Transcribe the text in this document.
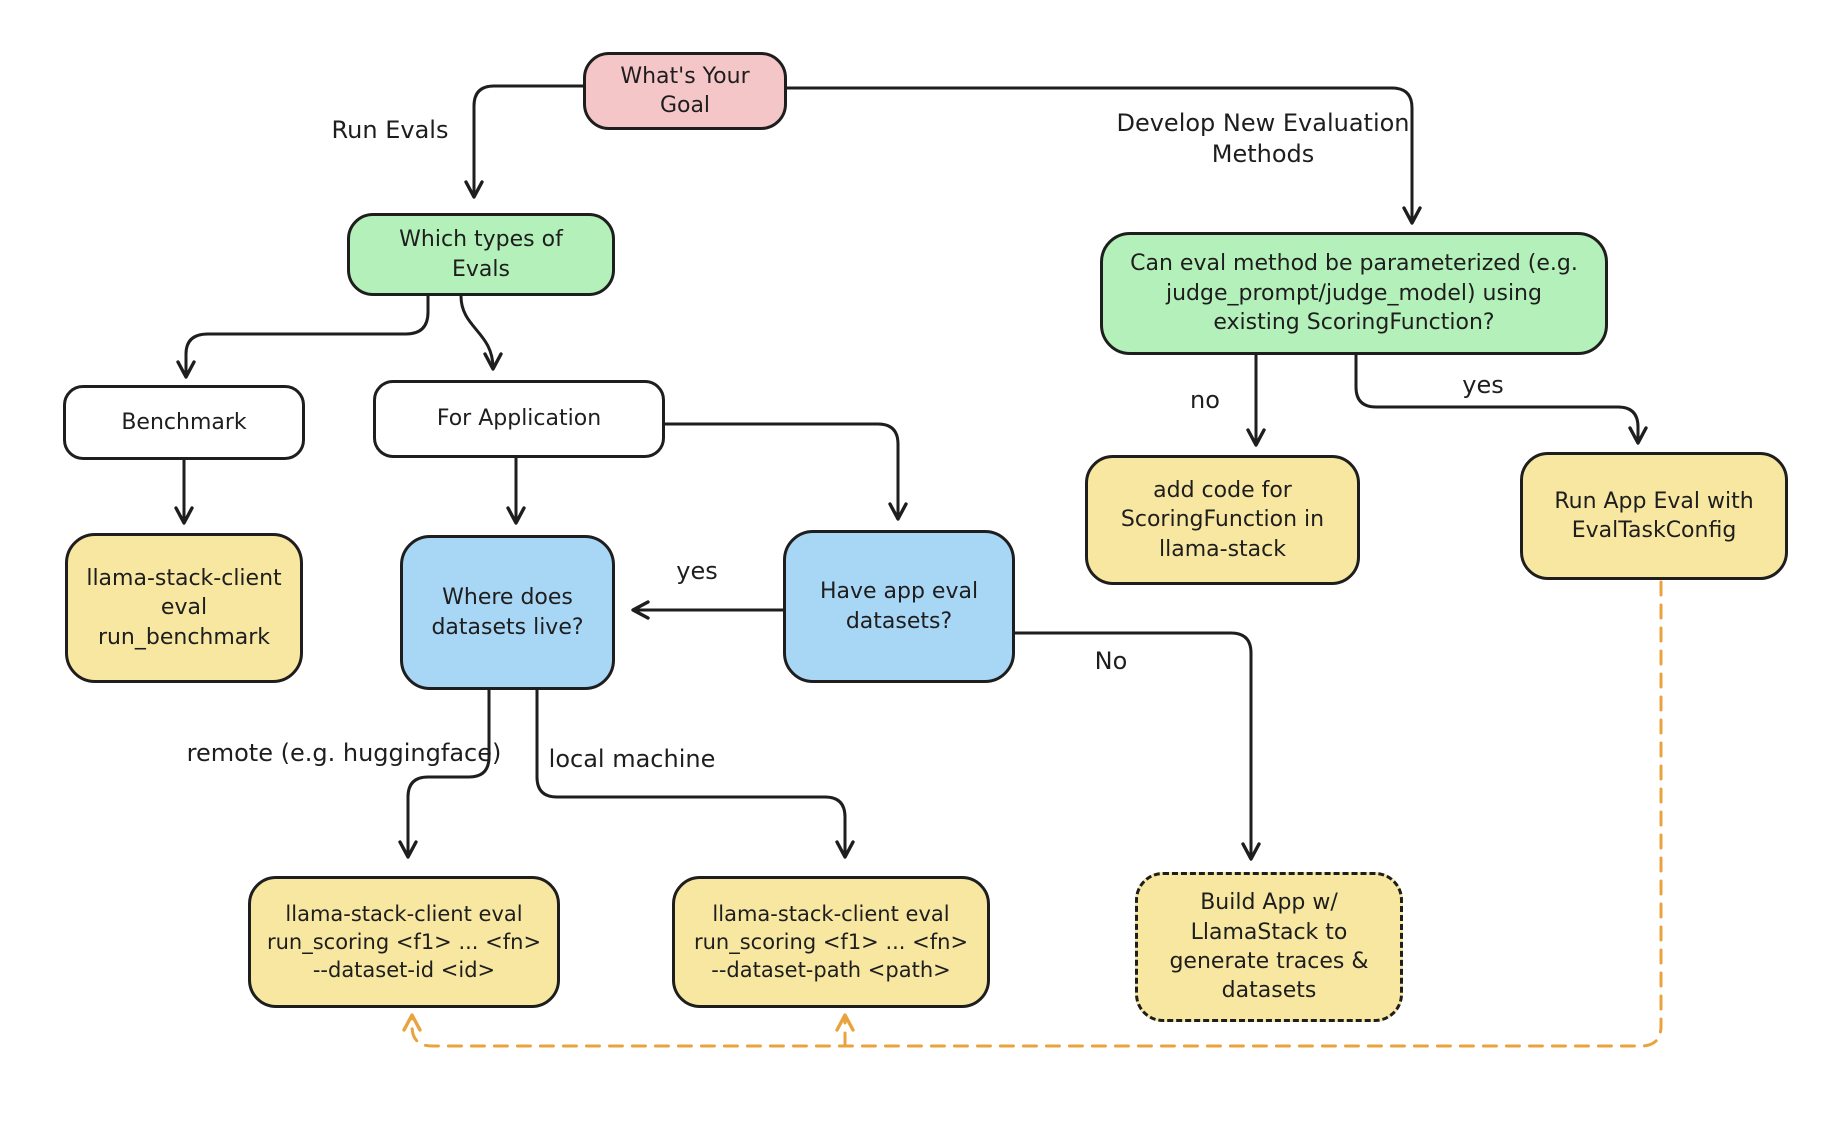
What's Your
Goal
Which types of
Evals	Can eval method be parameterized (e.g.
judge_prompt/judge_model) using
existing ScoringFunction?
Benchmark	For Application
llama-stack-client
eval run_benchmark
Where does
datasets live?
Have app eval
datasets?
add code for
ScoringFunction in
llama-stack
Run App Eval with
EvalTaskConfig
llama-stack-client eval
run_scoring <f1> ... <fn>
--dataset-id <id>
llama-stack-client eval
run_scoring <f1> ... <fn>
--dataset-path <path>
Build App w/
LlamaStack to
generate traces &
datasets
Run Evals	Develop New Evaluation
Methods
no
yes
yes
No
remote (e.g. huggingface) local machine
